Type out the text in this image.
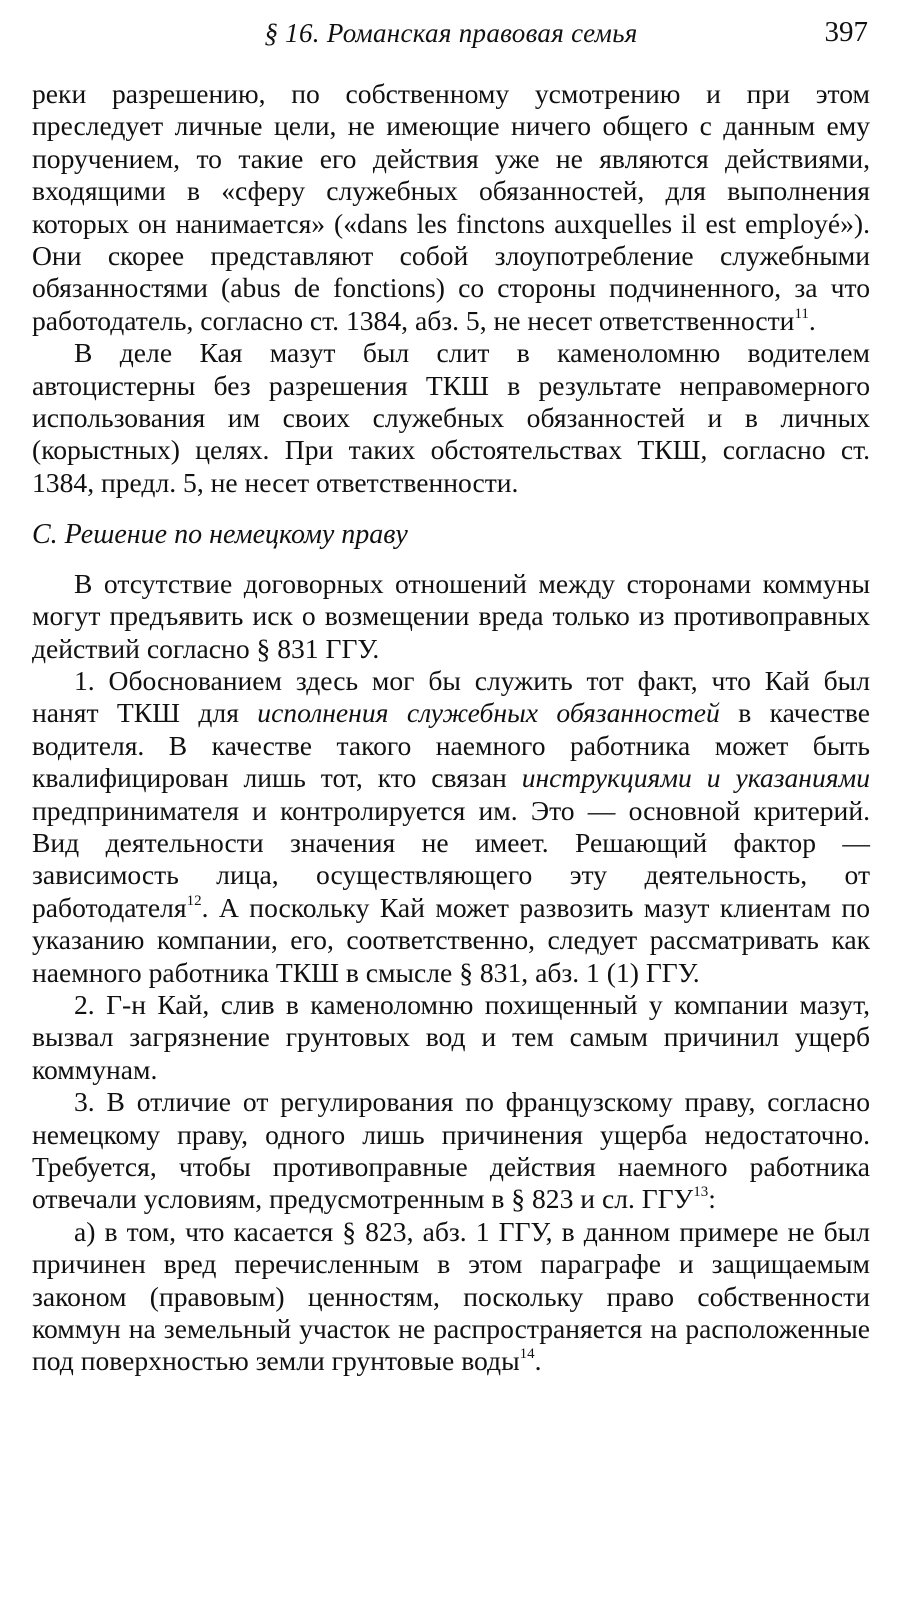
§ 16. Романская правовая семья	397

реки разрешению, по собственному усмотрению и при этом преследует личные цели, не имеющие ничего общего с данным ему поручением, то такие его действия уже не являются действиями, входящими в «сферу служебных обязанностей, для выполнения которых он нанимается» («dans les finctons auxquelles il est employé»). Они скорее представляют собой злоупотребление служебными обязанностями (abus de fonctions) со стороны подчиненного, за что работодатель, согласно ст. 1384, абз. 5, не несет ответственности$^{11}$.

В деле Кая мазут был слит в каменоломню водителем автоцистерны без разрешения ТКШ в результате неправомерного использования им своих служебных обязанностей и в личных (корыстных) целях. При таких обстоятельствах ТКШ, согласно ст. 1384, предл. 5, не несет ответственности.

С. Решение по немецкому праву

В отсутствие договорных отношений между сторонами коммуны могут предъявить иск о возмещении вреда только из противоправных действий согласно § 831 ГГУ.

1. Обоснованием здесь мог бы служить тот факт, что Кай был нанят ТКШ для исполнения служебных обязанностей в качестве водителя. В качестве такого наемного работника может быть квалифицирован лишь тот, кто связан инструкциями и указаниями предпринимателя и контролируется им. Это — основной критерий. Вид деятельности значения не имеет. Решающий фактор — зависимость лица, осуществляющего эту деятельность, от работодателя$^{12}$. А поскольку Кай может развозить мазут клиентам по указанию компании, его, соответственно, следует рассматривать как наемного работника ТКШ в смысле § 831, абз. 1 (1) ГГУ.

2. Г-н Кай, слив в каменоломню похищенный у компании мазут, вызвал загрязнение грунтовых вод и тем самым причинил ущерб коммунам.

3. В отличие от регулирования по французскому праву, согласно немецкому праву, одного лишь причинения ущерба недостаточно. Требуется, чтобы противоправные действия наемного работника отвечали условиям, предусмотренным в § 823 и сл. ГГУ$^{13}$:

а) в том, что касается § 823, абз. 1 ГГУ, в данном примере не был причинен вред перечисленным в этом параграфе и защищаемым законом (правовым) ценностям, поскольку право собственности коммун на земельный участок не распространяется на расположенные под поверхностью земли грунтовые воды$^{14}$.
